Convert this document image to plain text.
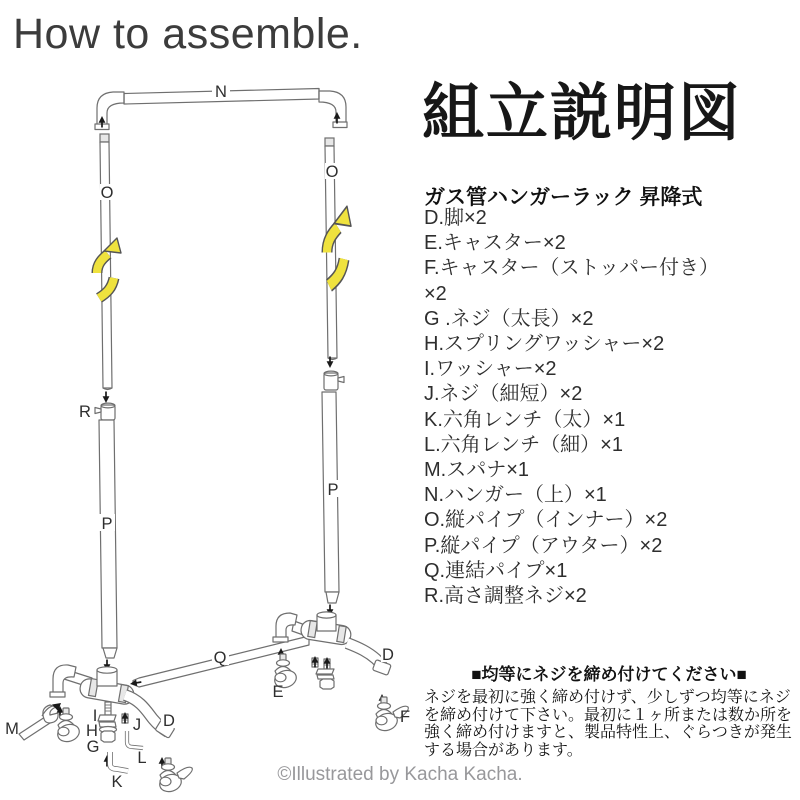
How to assemble.
組立説明図
ガス管ハンガーラック 昇降式
D.脚×2
E.キャスター×2
F.キャスター（ストッパー付き）
×2
G .ネジ（太長）×2
H.スプリングワッシャー×2
I.ワッシャー×2
J.ネジ（細短）×2
K.六角レンチ（太）×1
L.六角レンチ（細）×1
M.スパナ×1
N.ハンガー（上）×1
O.縦パイプ（インナー）×2
P.縦パイプ（アウター）×2
Q.連結パイプ×1
R.高さ調整ネジ×2
■均等にネジを締め付けてください■
ネジを最初に強く締め付けず、少しずつ均等にネジを締め付けて下さい。最初に１ヶ所または数か所を強く締め付けますと、製品特性上、ぐらつきが発生する場合があります。
©Illustrated by Kacha Kacha.
N
O
O
R
P
P
Q
D
M
I
H
G
J
L
K
D
E
F
